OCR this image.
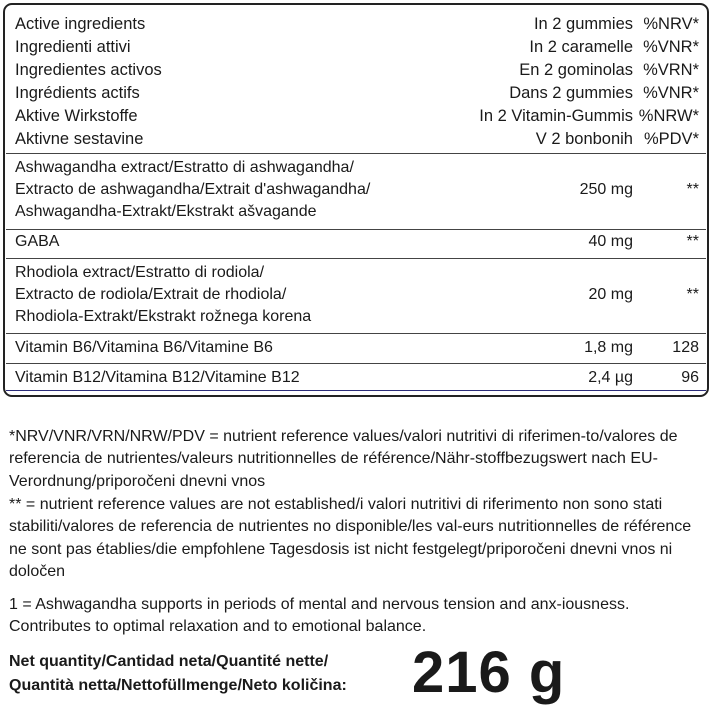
Active ingredients	In 2 gummies %NRV*
Ingredienti attivi	In 2 caramelle %VNR*
Ingredientes activos	En 2 gominolas %VRN*
Ingrédients actifs	Dans 2 gummies %VNR*
Aktive Wirkstoffe	In 2 Vitamin-Gummis %NRW*
Aktivne sestavine	V 2 bonbonih %PDV*
Ashwagandha extract/Estratto di ashwagandha/
Extracto de ashwagandha/Extrait d'ashwagandha/
Ashwagandha-Extrakt/Ekstrakt ašvagande
250 mg	**
GABA	40 mg	**
Rhodiola extract/Estratto di rodiola/
Extracto de rodiola/Extrait de rhodiola/
Rhodiola-Extrakt/Ekstrakt rožnega korena
20 mg	**
Vitamin B6/Vitamina B6/Vitamine B6	1,8 mg 128
Vitamin B12/Vitamina B12/Vitamine B12	2,4 µg	96

*NRV/VNR/VRN/NRW/PDV = nutrient reference values/valori nutritivi di riferimen-to/valores de referencia de nutrientes/valeurs nutritionnelles de référence/Nähr-stoffbezugswert nach EU-Verordnung/priporočeni dnevni vnos

** = nutrient reference values are not established/i valori nutritivi di riferimento non sono stati stabiliti/valores de referencia de nutrientes no disponible/les val-eurs nutritionnelles de référence ne sont pas établies/die empfohlene Tagesdosis ist nicht festgelegt/priporočeni dnevni vnos ni določen

1 = Ashwagandha supports in periods of mental and nervous tension and anx-iousness. Contributes to optimal relaxation and to emotional balance.

Net quantity/Cantidad neta/Quantité nette/
Quantità netta/Nettofüllmenge/Neto količina: 216 g
